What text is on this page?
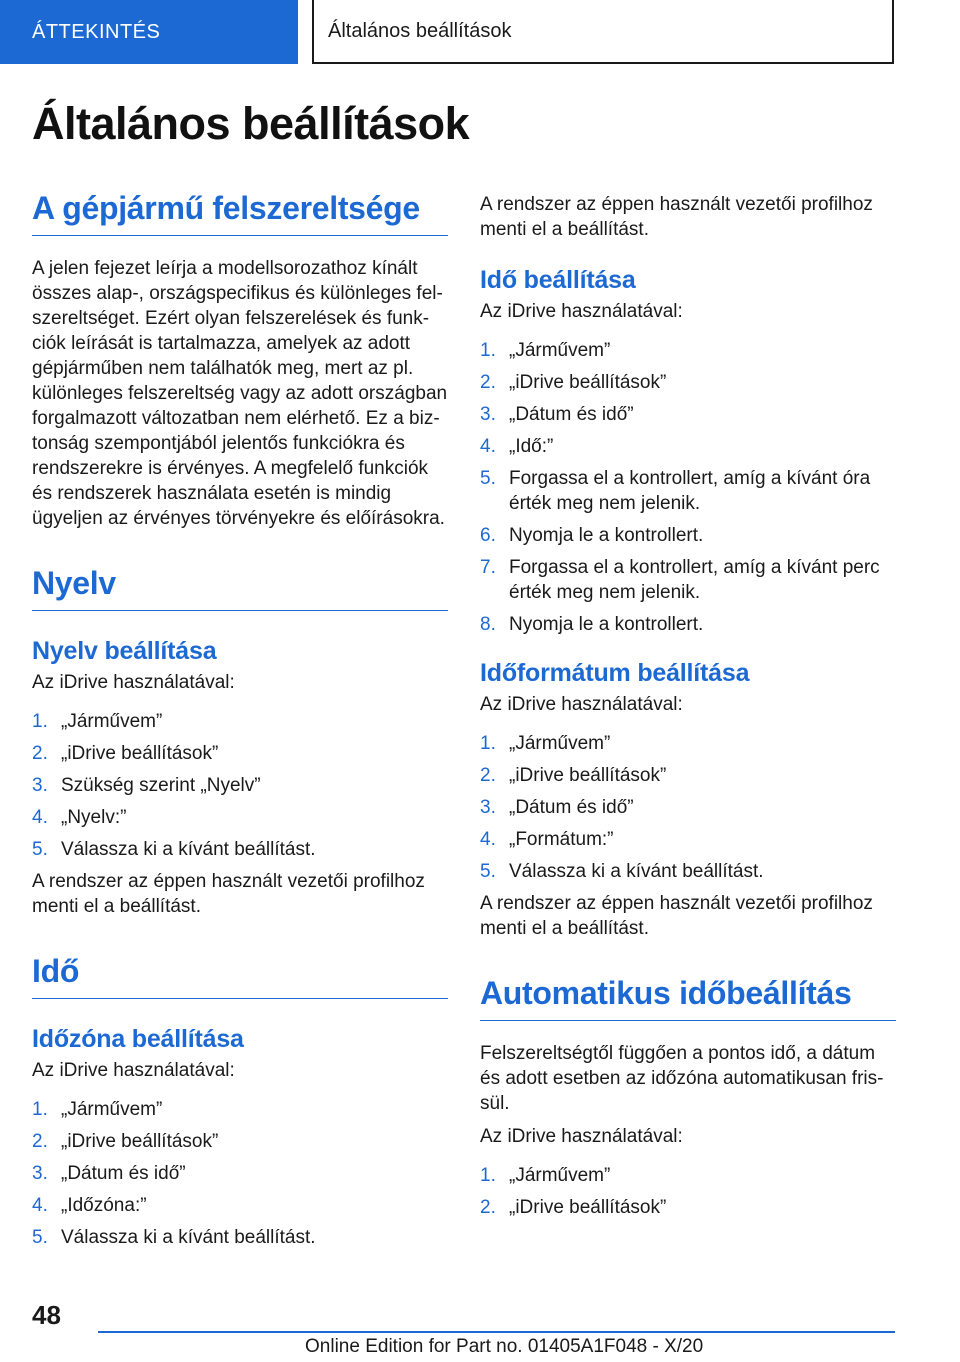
ÁTTEKINTÉS	Általános beállítások
Általános beállítások
A gépjármű felszereltsége

A jelen fejezet leírja a modellsorozathoz kínált összes alap-, országspecifikus és különleges felszereltséget. Ezért olyan felszerelések és funkciók leírását is tartalmazza, amelyek az adott gépjárműben nem találhatók meg, mert az pl. különleges felszereltség vagy az adott országban forgalmazott változatban nem elérhető. Ez a biztonság szempontjából jelentős funkciókra és rendszerekre is érvényes. A megfelelő funkciók és rendszerek használata esetén is mindig ügyeljen az érvényes törvényekre és előírásokra.

Nyelv
Nyelv beállítása

Az iDrive használatával:

1. „Járművem”
2. „iDrive beállítások”
3. Szükség szerint „Nyelv”
4. „Nyelv:”
5. Válassza ki a kívánt beállítást.

A rendszer az éppen használt vezetői profilhoz menti el a beállítást.

Idő
Időzóna beállítása

Az iDrive használatával:

1. „Járművem”
2. „iDrive beállítások”
3. „Dátum és idő”
4. „Időzóna:”
5. Válassza ki a kívánt beállítást.

A rendszer az éppen használt vezetői profilhoz menti el a beállítást.

Idő beállítása

Az iDrive használatával:

1. „Járművem”
2. „iDrive beállítások”
3. „Dátum és idő”
4. „Idő:”
5. Forgassa el a kontrollert, amíg a kívánt óra érték meg nem jelenik.
6. Nyomja le a kontrollert.
7. Forgassa el a kontrollert, amíg a kívánt perc érték meg nem jelenik.
8. Nyomja le a kontrollert.
Időformátum beállítása

Az iDrive használatával:

1. „Járművem”
2. „iDrive beállítások”
3. „Dátum és idő”
4. „Formátum:”
5. Válassza ki a kívánt beállítást.

A rendszer az éppen használt vezetői profilhoz menti el a beállítást.

Automatikus időbeállítás

Felszereltségtől függően a pontos idő, a dátum és adott esetben az időzóna automatikusan frissül.

Az iDrive használatával:

1. „Járművem”
2. „iDrive beállítások”
48
Online Edition for Part no. 01405A1F048 - X/20
